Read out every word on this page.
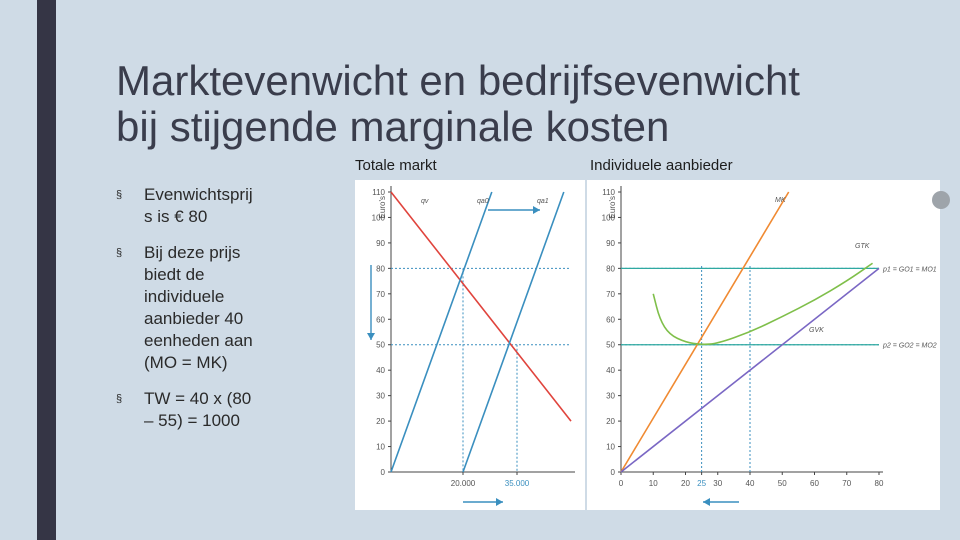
Marktevenwicht en bedrijfsevenwicht
bij stijgende marginale kosten
Totale markt	Individuele aanbieder
§ Evenwichtsprij
s is € 80
§ Bij deze prijs
biedt de
individuele
aanbieder 40
eenheden aan
(MO = MK)
§ TW = 40 x (80
– 55) = 1000
Euro's
0
10
20
30
40
50
60
70
80
90
100
110
20.000	35.000
qv	qa0	qa1	Euro's
0
10
20
30
40
50
60
70
80
90
100
110
0	10	20 25 30	40	50	60	70	80
p1 = GO1 = MO1
p2 = GO2 = MO2
MK
GTK
GVK
